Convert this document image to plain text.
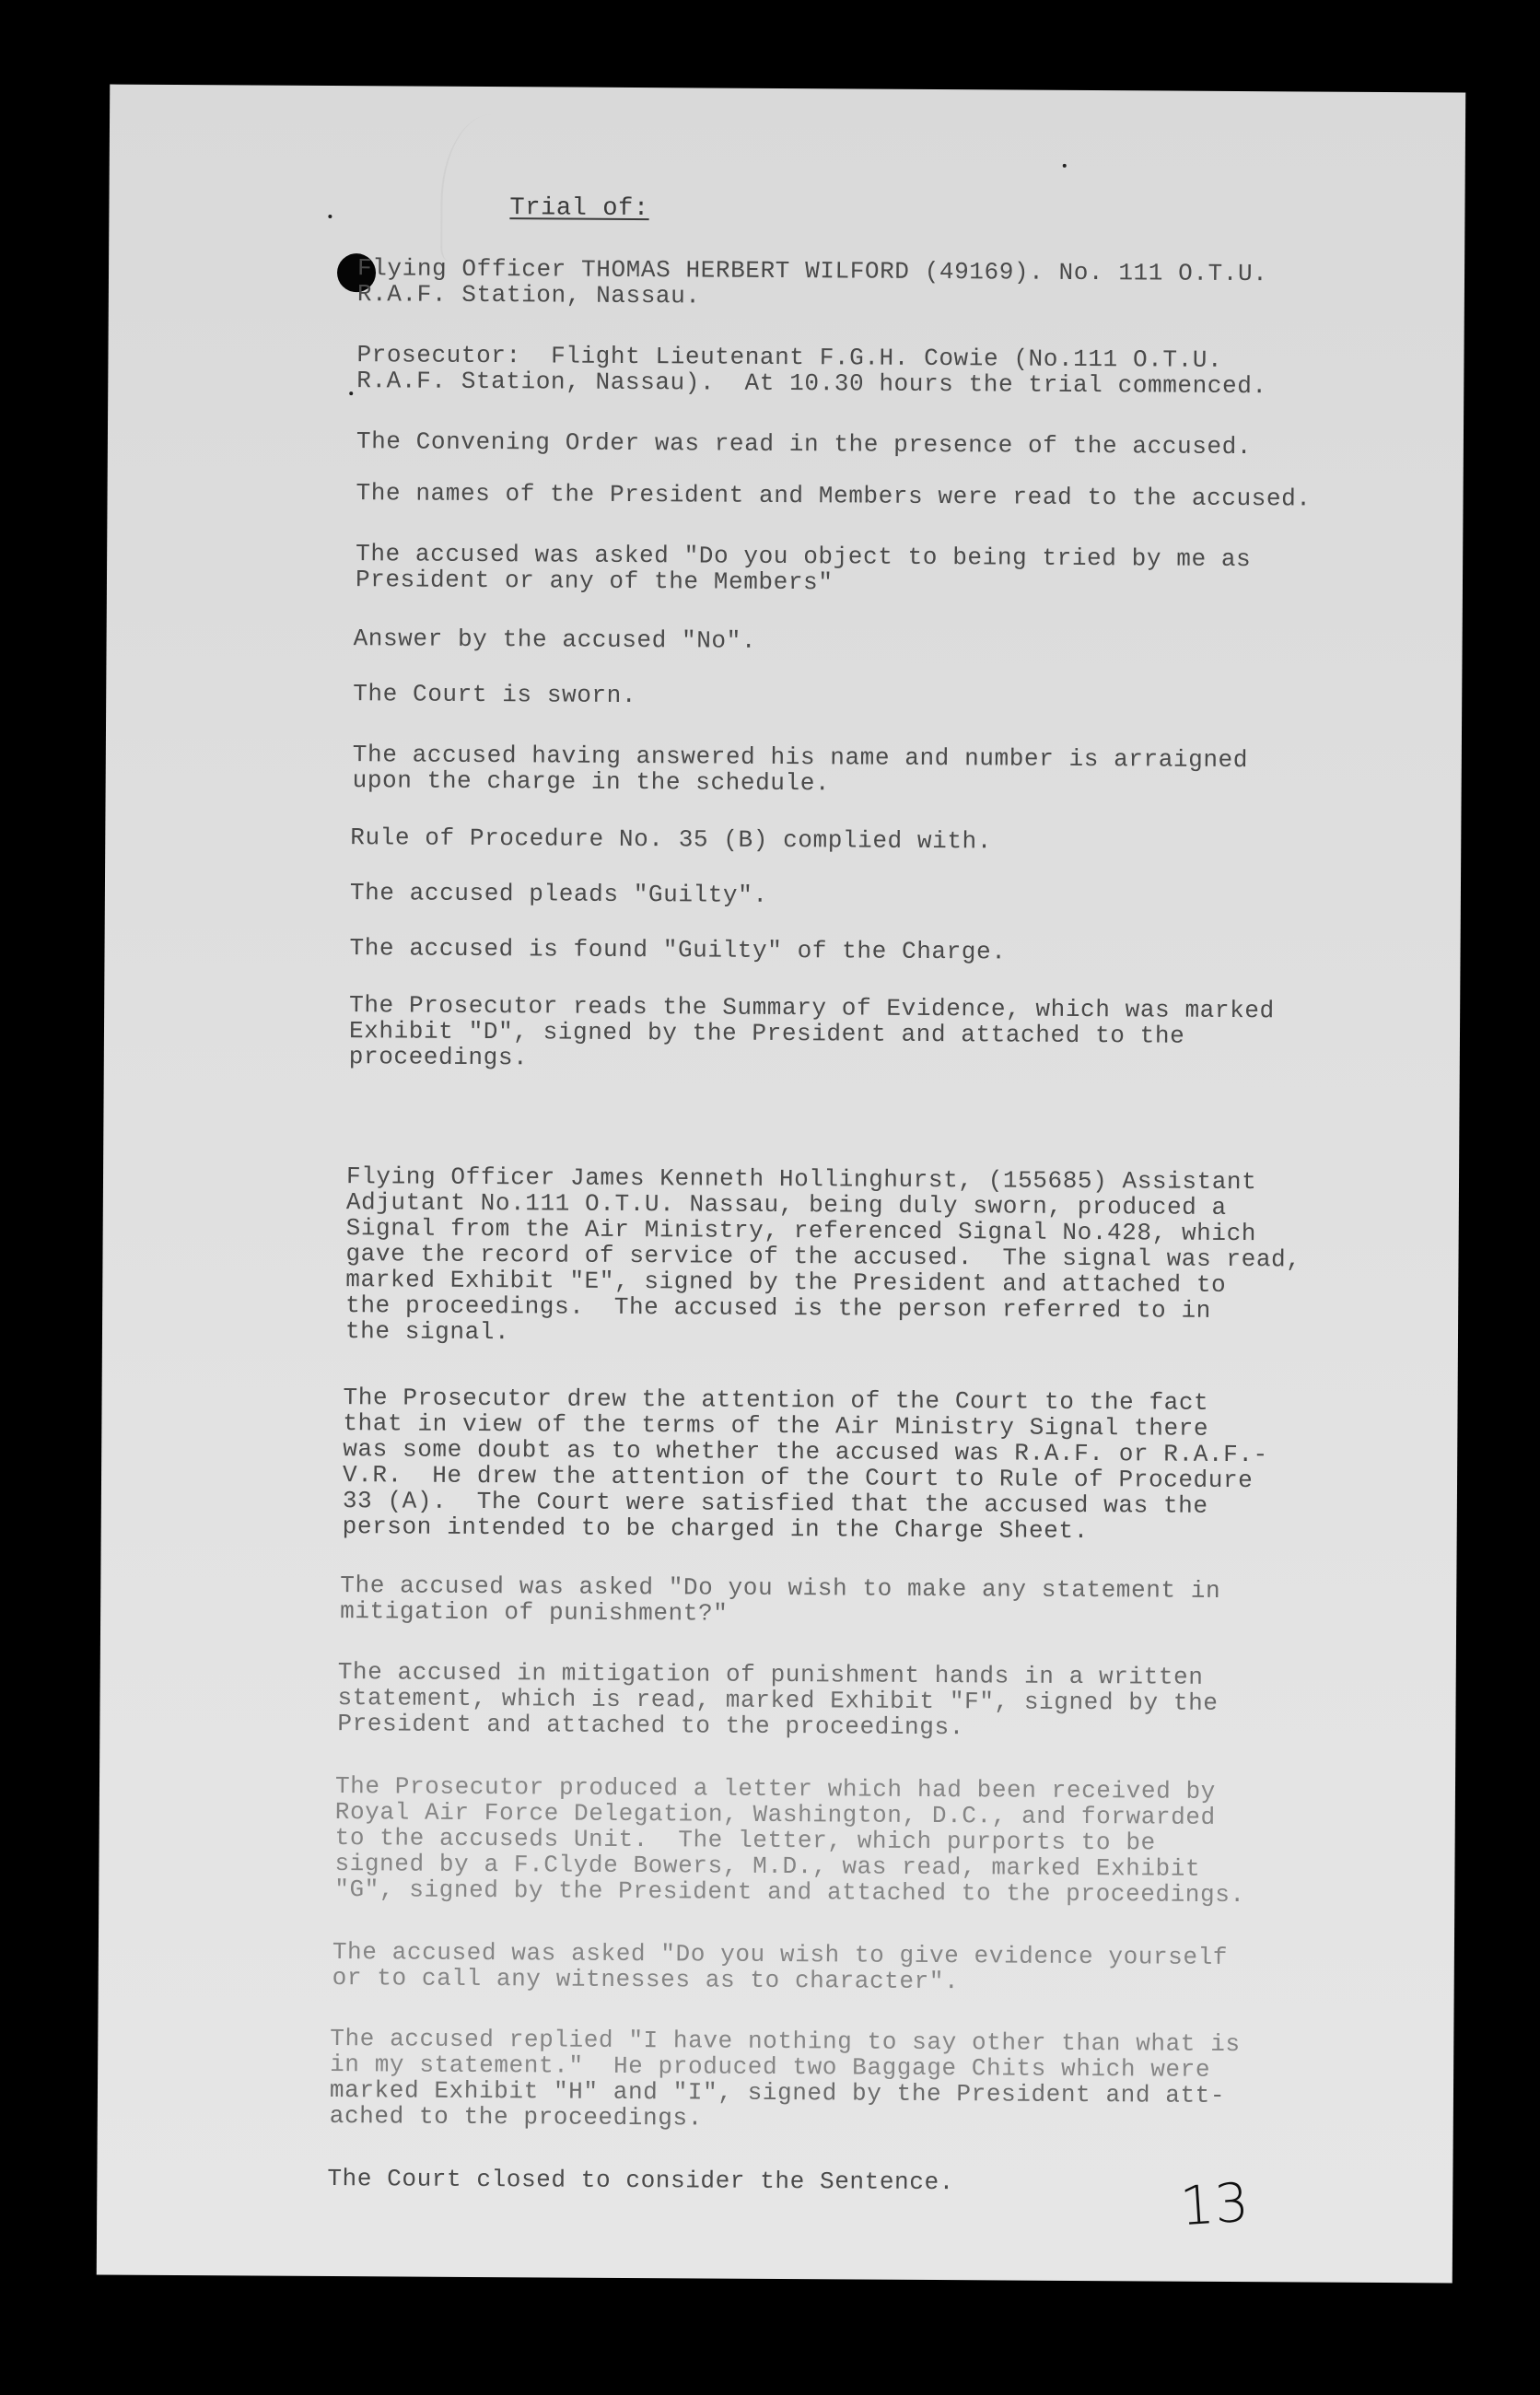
Trial of:
Flying Officer THOMAS HERBERT WILFORD (49169). No. 111 O.T.U.
R.A.F. Station, Nassau.
Prosecutor:  Flight Lieutenant F.G.H. Cowie (No.111 O.T.U.
R.A.F. Station, Nassau).  At 10.30 hours the trial commenced.
The Convening Order was read in the presence of the accused.
The names of the President and Members were read to the accused.
The accused was asked "Do you object to being tried by me as
President or any of the Members"
Answer by the accused "No".
The Court is sworn.
The accused having answered his name and number is arraigned
upon the charge in the schedule.
Rule of Procedure No. 35 (B) complied with.
The accused pleads "Guilty".
The accused is found "Guilty" of the Charge.
The Prosecutor reads the Summary of Evidence, which was marked
Exhibit "D", signed by the President and attached to the
proceedings.
Flying Officer James Kenneth Hollinghurst, (155685) Assistant
Adjutant No.111 O.T.U. Nassau, being duly sworn, produced a
Signal from the Air Ministry, referenced Signal No.428, which
gave the record of service of the accused.  The signal was read,
marked Exhibit "E", signed by the President and attached to
the proceedings.  The accused is the person referred to in
the signal.
The Prosecutor drew the attention of the Court to the fact
that in view of the terms of the Air Ministry Signal there
was some doubt as to whether the accused was R.A.F. or R.A.F.-
V.R.  He drew the attention of the Court to Rule of Procedure
33 (A).  The Court were satisfied that the accused was the
person intended to be charged in the Charge Sheet.
The accused was asked "Do you wish to make any statement in
mitigation of punishment?"
The accused in mitigation of punishment hands in a written
statement, which is read, marked Exhibit "F", signed by the
President and attached to the proceedings.
The Prosecutor produced a letter which had been received by
Royal Air Force Delegation, Washington, D.C., and forwarded
to the accuseds Unit.  The letter, which purports to be
signed by a F.Clyde Bowers, M.D., was read, marked Exhibit
"G", signed by the President and attached to the proceedings.
The accused was asked "Do you wish to give evidence yourself
or to call any witnesses as to character".
The accused replied "I have nothing to say other than what is
in my statement."  He produced two Baggage Chits which were
marked Exhibit "H" and "I", signed by the President and att-
ached to the proceedings.
The Court closed to consider the Sentence.	13
